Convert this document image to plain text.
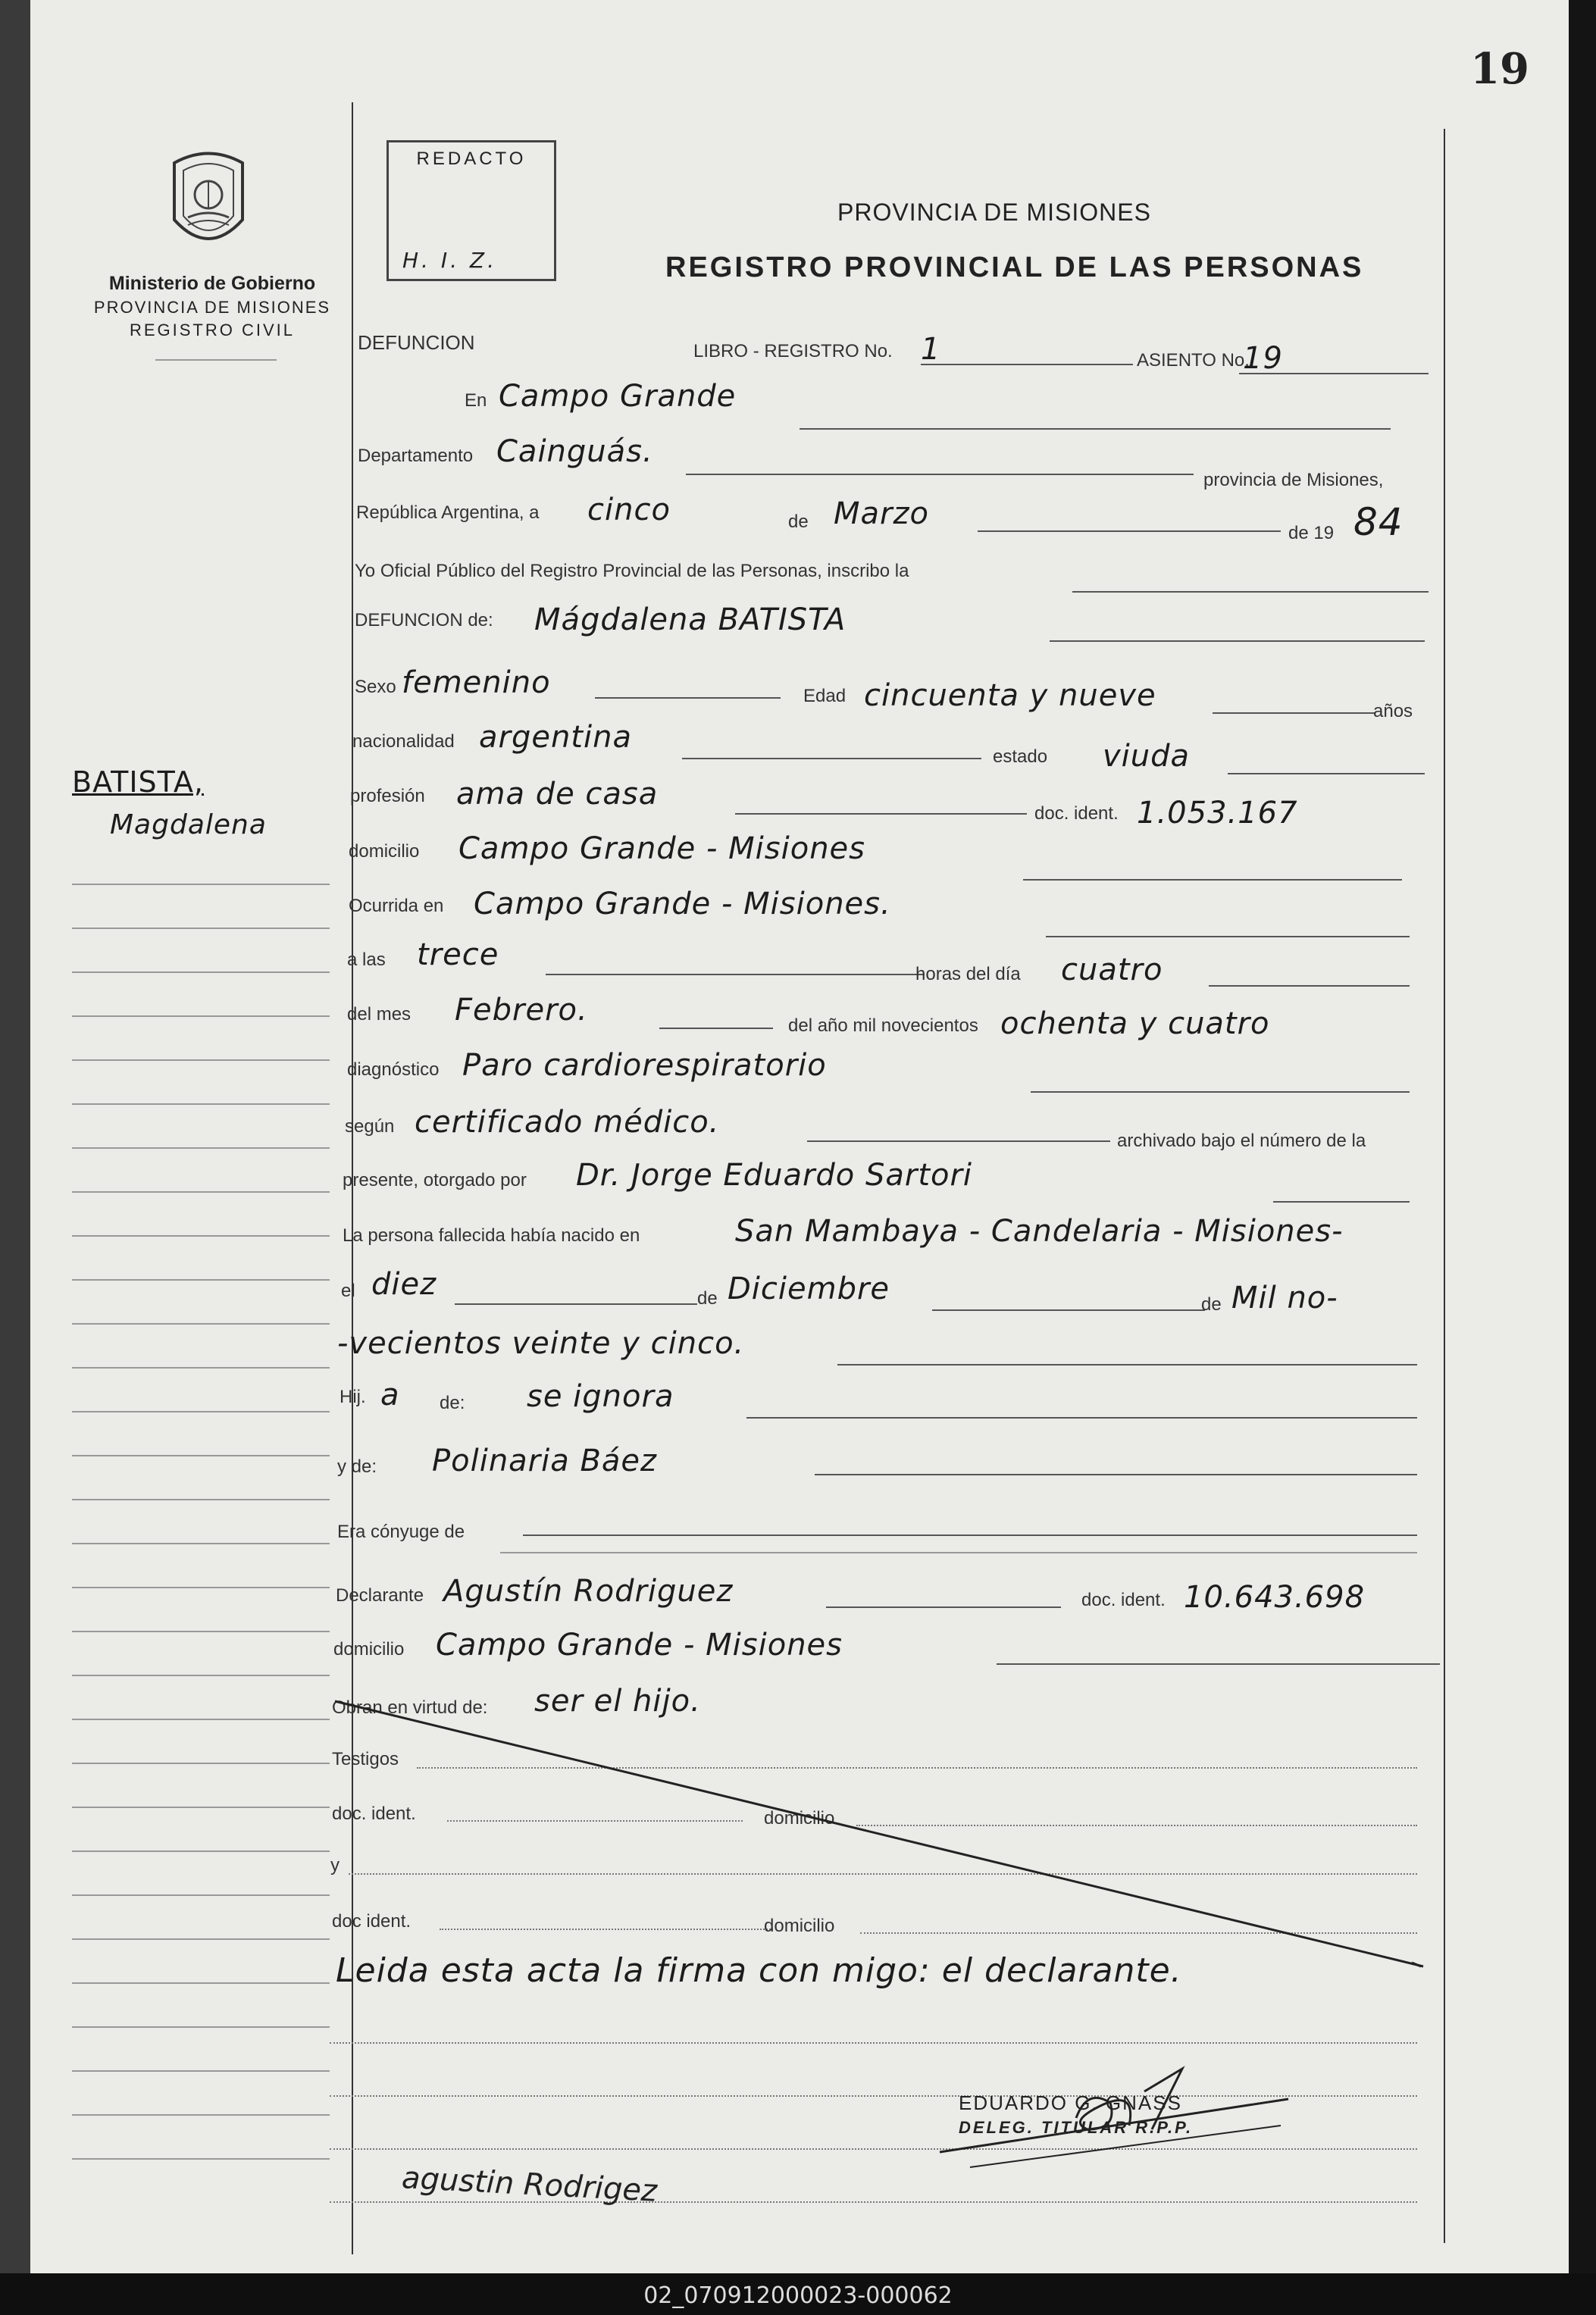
19
REDACTO
H. I. Z.
Ministerio de Gobierno
PROVINCIA DE MISIONES
REGISTRO CIVIL
PROVINCIA DE MISIONES
REGISTRO PROVINCIAL DE LAS PERSONAS
DEFUNCION	LIBRO - REGISTRO No. 1	ASIENTO No.
19
BATISTA,
Magdalena
En Campo Grande
Departamento Cainguás.
provincia de Misiones,
República Argentina, a cinco	de Marzo
de 19 84
Yo Oficial Público del Registro Provincial de las Personas, inscribo la
DEFUNCION de: Mágdalena BATISTA
Sexo femenino	Edad cincuenta y nueve	años
nacionalidad argentina
estado viuda
profesión ama de casa
doc. ident. 1.053.167
domicilio Campo Grande - Misiones
Ocurrida en Campo Grande - Misiones.
a las trece
horas del día cuatro
del mes Febrero.	del año mil novecientos ochenta y cuatro
diagnóstico Paro cardiorespiratorio
según certificado médico.
archivado bajo el número de la
presente, otorgado por Dr. Jorge Eduardo Sartori
La persona fallecida había nacido en	San Mambaya - Candelaria - Misiones-
el diez	de Diciembre	de Mil no-
-vecientos veinte y cinco.
Hij. a de: se ignora
y de: Polinaria Báez
Era cónyuge de
Declarante Agustín Rodriguez	doc. ident. 10.643.698
domicilio Campo Grande - Misiones
Obran en virtud de: ser el hijo.
Testigos
doc. ident.	domicilio
y
doc ident.	domicilio
Leida esta acta la firma con migo: el declarante.
EDUARDO G. GNASS
DELEG. TITULAR R.P.P.
agustin Rodrigez
02_070912000023-000062
